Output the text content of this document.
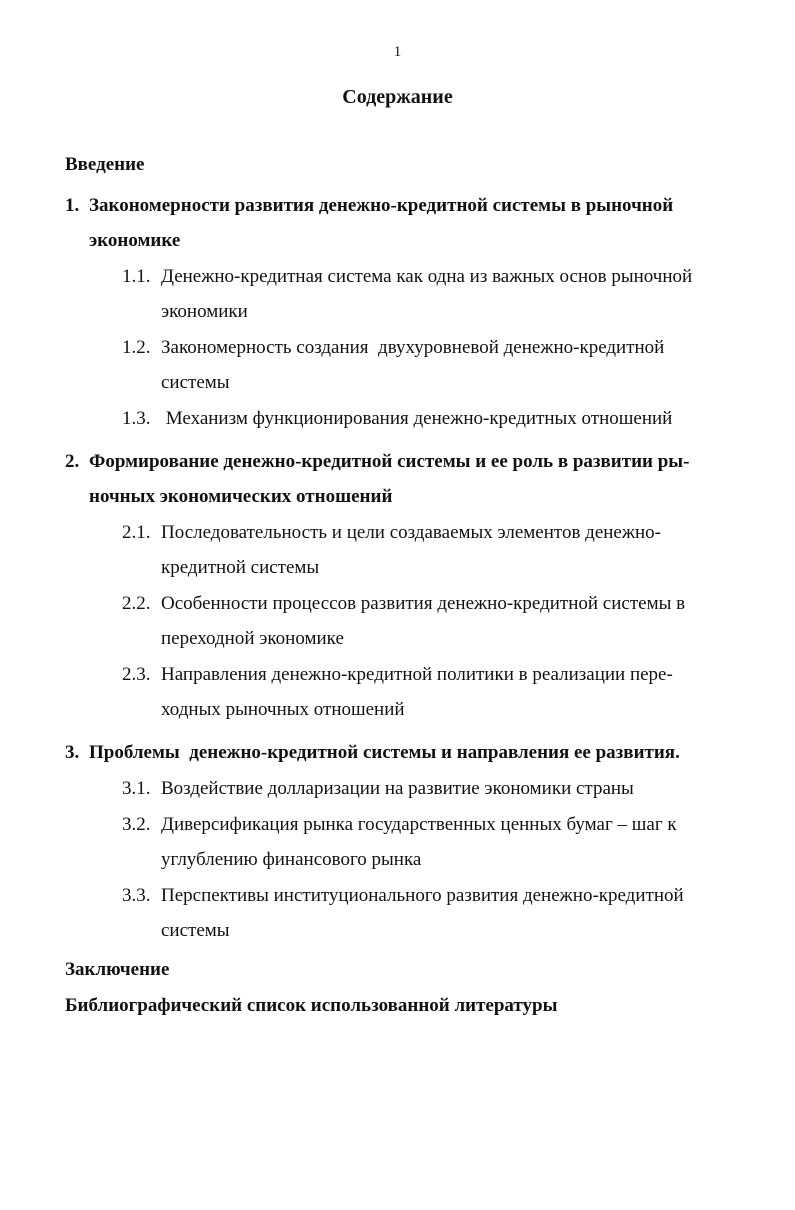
1
Содержание
Введение
1. Закономерности развития денежно-кредитной системы в рыночной
экономике
1.1. Денежно-кредитная система как одна из важных основ рыночной
экономики
1.2. Закономерность создания  двухуровневой денежно-кредитной
системы
1.3. Механизм функционирования денежно-кредитных отношений
2. Формирование денежно-кредитной системы и ее роль в развитии ры-
ночных экономических отношений
2.1. Последовательность и цели создаваемых элементов денежно-
кредитной системы
2.2. Особенности процессов развития денежно-кредитной системы в
переходной экономике
2.3. Направления денежно-кредитной политики в реализации пере-
ходных рыночных отношений
3. Проблемы  денежно-кредитной системы и направления ее развития.
3.1. Воздействие долларизации на развитие экономики страны
3.2. Диверсификация рынка государственных ценных бумаг – шаг к
углублению финансового рынка
3.3. Перспективы институционального развития денежно-кредитной
системы
Заключение
Библиографический список использованной литературы
